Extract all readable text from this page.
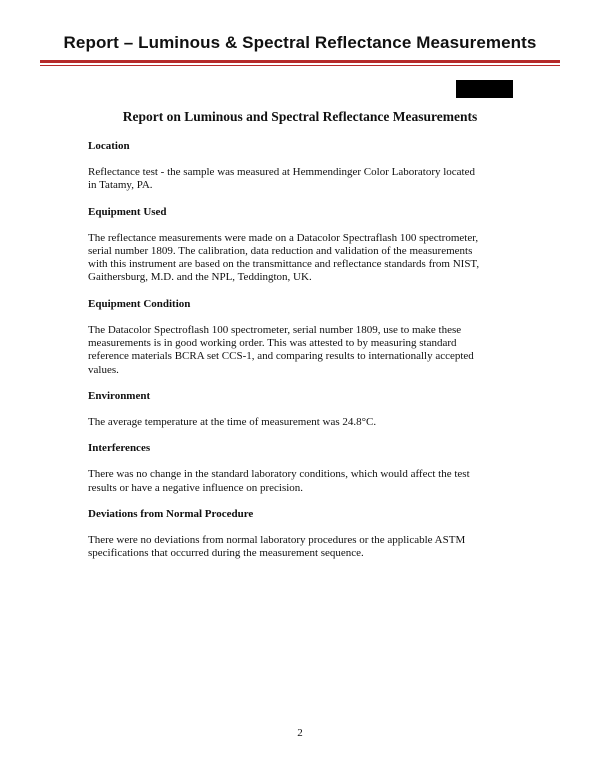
Report – Luminous & Spectral Reflectance Measurements
Report on Luminous and Spectral Reflectance Measurements
Location
Reflectance test - the sample was measured at Hemmendinger Color Laboratory located
in Tatamy, PA.
Equipment Used
The reflectance measurements were made on a Datacolor Spectraflash 100 spectrometer,
serial number 1809. The calibration, data reduction and validation of the measurements
with this instrument are based on the transmittance and reflectance standards from NIST,
Gaithersburg, M.D. and the NPL, Teddington, UK.
Equipment Condition
The Datacolor Spectroflash 100 spectrometer, serial number 1809, use to make these
measurements is in good working order. This was attested to by measuring standard
reference materials BCRA set CCS-1, and comparing results to internationally accepted
values.
Environment
The average temperature at the time of measurement was 24.8°C.
Interferences
There was no change in the standard laboratory conditions, which would affect the test
results or have a negative influence on precision.
Deviations from Normal Procedure
There were no deviations from normal laboratory procedures or the applicable ASTM
specifications that occurred during the measurement sequence.
2
